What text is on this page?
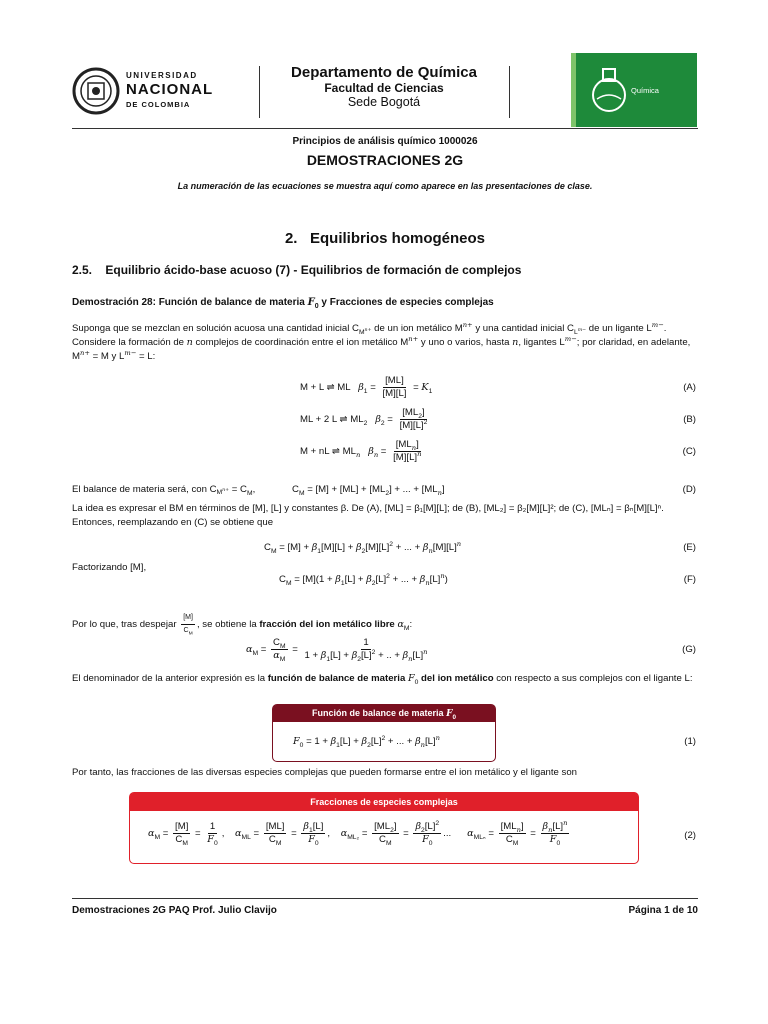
UNIVERSIDAD
NACIONAL
DE COLOMBIA
Departamento de Química
Facultad de Ciencias
Sede Bogotá
Química
Principios de análisis químico 1000026
DEMOSTRACIONES 2G
La numeración de las ecuaciones se muestra aquí como aparece en las presentaciones de clase.
2. Equilibrios homogéneos
2.5. Equilibrio ácido-base acuoso (7) - Equilibrios de formación de complejos
Demostración 28: Función de balance de materia $F_0$ y Fracciones de especies complejas
Suponga que se mezclan en solución acuosa una cantidad inicial $C_{M^{n+}}$ de un ion metálico $M^{n+}$ y una cantidad inicial $C_{L^{m-}}$ de un ligante $L^{m-}$. Considere la formación de n complejos de coordinación entre el ion metálico $M^{n+}$ y uno o varios, hasta n, ligantes $L^{m-}$; por claridad, en adelante, $M^{n+} = M$ y $L^{m-} = L$:
M + L ⇌ ML   $\beta_1 = \frac{[ML]}{[M][L]} = K_1$	(A)
ML + 2 L ⇌ $ML_2$ $\beta_2 = \frac{[ML_2]}{[M][L]^2}$	(B)
M + nL ⇌ $ML_n$ $\beta_n = \frac{[ML_n]}{[M][L]^n}$	(C)
El balance de materia será, con $C_{M^{n+}} = C_M$,	$C_M = [M] + [ML] + [ML_2]$ + ... + $[ML_n]$	(D)
La idea es expresar el BM en términos de [M], [L] y constantes β. De (A), [ML] = β₁[M][L]; de (B), [ML₂] = β₂[M][L]²; de (C), [MLₙ] = βₙ[M][L]ⁿ. Entonces, reemplazando en (C) se obtiene que
$C_M = [M] + \beta_1[M][L] + \beta_2[M][L]^2$ + ... + $\beta_n[M][L]^n$	(E)
Factorizando [M],
$C_M = [M](1 + \beta_1[L] + \beta_2[L]^2$ + ... + $\beta_n[L]^n$)	(F)
Por lo que, tras despejar $\frac{[M]}{C_M}$ , se obtiene la fracción del ion metálico libre $\alpha_M$:
$\alpha_M = \frac{C_M}{\alpha_M} = \frac{1}{1 + \beta_1[L] + \beta_2[L]^2 + .. + \beta_n[L]^n}$	(G)
El denominador de la anterior expresión es la función de balance de materia $F_0$ del ion metálico con respecto a sus complejos con el ligante L:
Función de balance de materia $F_0$
$F_0 = 1 + \beta_1[L] + \beta_2[L]^2$ + ... + $\beta_n[L]^n$	(1)
Por tanto, las fracciones de las diversas especies complejas que pueden formarse entre el ion metálico y el ligante son
Fracciones de especies complejas
$\alpha_M = \frac{[M]}{C_M} = \frac{1}{F_0}$ ,    $\alpha_{ML} = \frac{[ML]}{C_M} = \frac{\beta_1[L]}{F_0}$ ,    $\alpha_{ML_2} = \frac{[ML_2]}{C_M} = \frac{\beta_2[L]^2}{F_0}$ ...      $\alpha_{ML_n} = \frac{[ML_n]}{C_M} = \frac{\beta_n[L]^n}{F_0}$	(2)
Demostraciones 2G PAQ Prof. Julio Clavijo	Página 1 de 10
